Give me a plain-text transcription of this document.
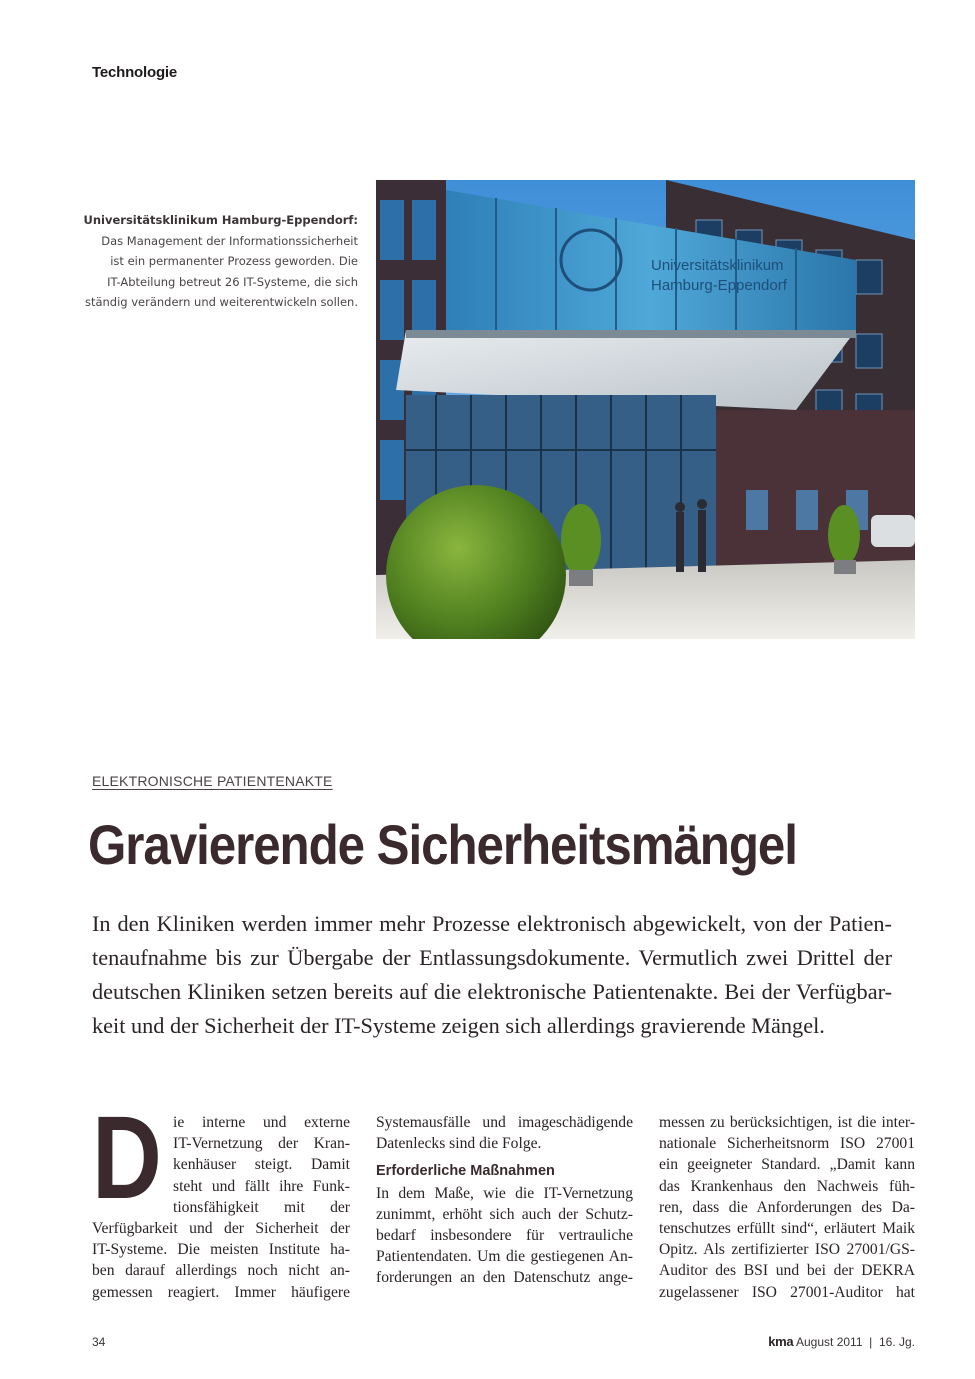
Technologie
Universitätsklinikum Hamburg-Eppendorf:
Das Management der Informationssicherheit
ist ein permanenter Prozess geworden. Die
IT-Abteilung betreut 26 IT-Systeme, die sich
ständig verändern und weiterentwickeln sollen.
Universitätsklinikum
Hamburg-Eppendorf
ELEKTRONISCHE PATIENTENAKTE
Gravierende Sicherheitsmängel
In den Kliniken werden immer mehr Prozesse elektronisch abgewickelt, von der Patien-
tenaufnahme bis zur Übergabe der Entlassungsdokumente. Vermutlich zwei Drittel der
deutschen Kliniken setzen bereits auf die elektronische Patientenakte. Bei der Verfügbar-
keit und der Sicherheit der IT-Systeme zeigen sich allerdings gravierende Mängel.
D ie interne und externe
IT-Vernetzung der Kran-
kenhäuser steigt. Damit
steht und fällt ihre Funk-
tionsfähigkeit mit der
Verfügbarkeit und der Sicherheit der
IT-Systeme. Die meisten Institute ha-
ben darauf allerdings noch nicht an-
gemessen reagiert. Immer häufigere
Systemausfälle und imageschädigende
Datenlecks sind die Folge.
Erforderliche Maßnahmen
In dem Maße, wie die IT-Vernetzung
zunimmt, erhöht sich auch der Schutz-
bedarf insbesondere für vertrauliche
Patientendaten. Um die gestiegenen An-
forderungen an den Datenschutz ange-
messen zu berücksichtigen, ist die inter-
nationale Sicherheitsnorm ISO 27001
ein geeigneter Standard. „Damit kann
das Krankenhaus den Nachweis füh-
ren, dass die Anforderungen des Da-
tenschutzes erfüllt sind“, erläutert Maik
Opitz. Als zertifizierter ISO 27001/GS-
Auditor des BSI und bei der DEKRA
zugelassener ISO 27001-Auditor hat
34	kma August 2011 | 16. Jg.
